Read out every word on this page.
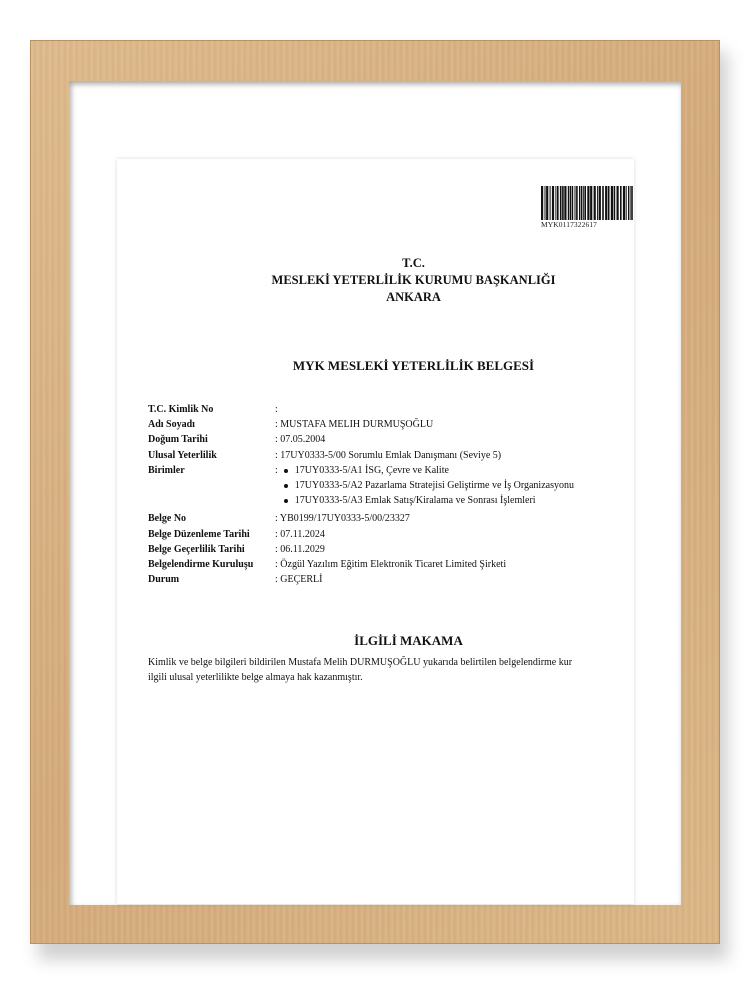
MYK0117322617
T.C.
MESLEKİ YETERLİLİK KURUMU BAŞKANLIĞI
ANKARA
MYK MESLEKİ YETERLİLİK BELGESİ
T.C. Kimlik No	:
Adı Soyadı	: MUSTAFA MELIH DURMUŞOĞLU
Doğum Tarihi	: 07.05.2004
Ulusal Yeterlilik	: 17UY0333-5/00 Sorumlu Emlak Danışmanı (Seviye 5)
Birimler	:	17UY0333-5/A1 İSG, Çevre ve Kalite
17UY0333-5/A2 Pazarlama Stratejisi Geliştirme ve İş Organizasyonu
17UY0333-5/A3 Emlak Satış/Kiralama ve Sonrası İşlemleri
Belge No	: YB0199/17UY0333-5/00/23327
Belge Düzenleme Tarihi	: 07.11.2024
Belge Geçerlilik Tarihi	: 06.11.2029
Belgelendirme Kuruluşu	: Özgül Yazılım Eğitim Elektronik Ticaret Limited Şirketi
Durum	: GEÇERLİ
İLGİLİ MAKAMA
Kimlik ve belge bilgileri bildirilen Mustafa Melih DURMUŞOĞLU yukarıda belirtilen belgelendirme kur
ilgili ulusal yeterlilikte belge almaya hak kazanmıştır.
